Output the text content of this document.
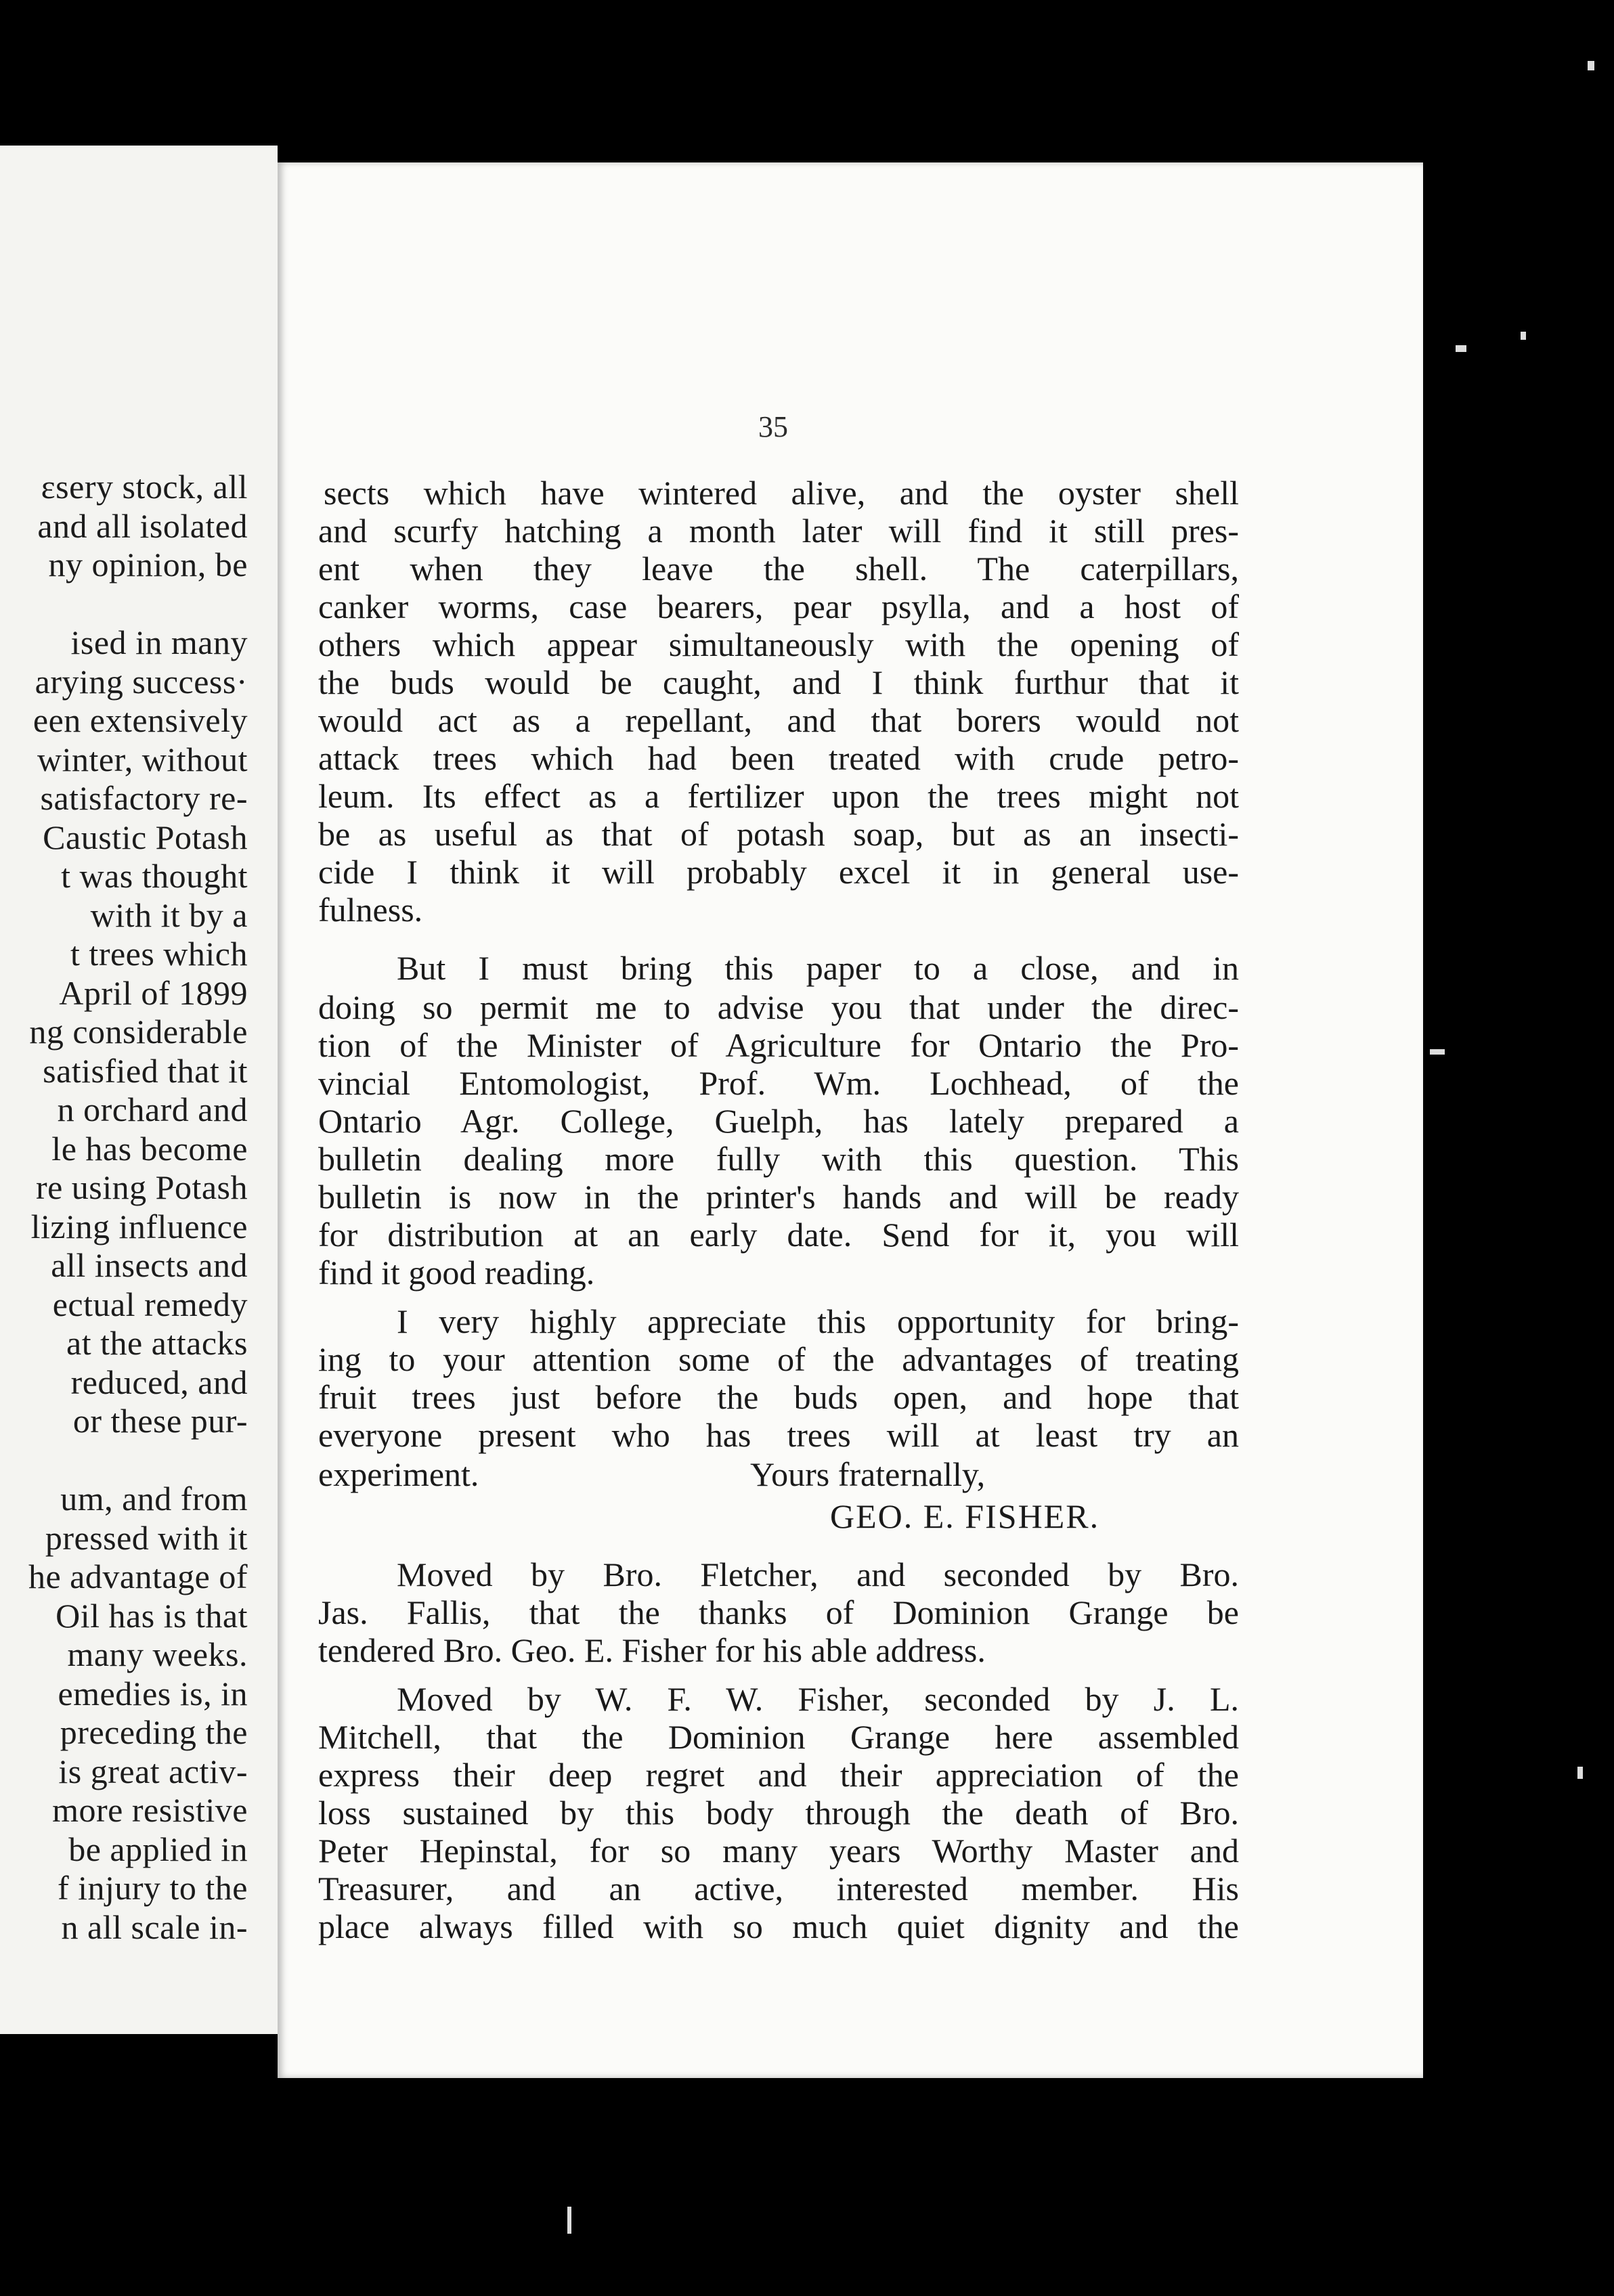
ɛsery stock, all
and all isolated
ny opinion, be
ised in many
arying success·
een extensively
winter, without
satisfactory re-
Caustic Potash
t was thought
with it by a
t trees which
April of 1899
ng considerable
satisfied that it
n orchard and
le has become
re using Potash
lizing influence
all insects and
ectual remedy
at the attacks
reduced, and
or these pur-
um, and from
pressed with it
he advantage of
Oil has is that
many weeks.
emedies is, in
preceding the
is great activ-
more resistive
be applied in
f injury to the
n all scale in-
35
sects which have wintered alive, and the oyster shell
and scurfy hatching a month later will find it still pres-
ent when they leave the shell. The caterpillars,
canker worms, case bearers, pear psylla, and a host of
others which appear simultaneously with the opening of
the buds would be caught, and I think furthur that it
would act as a repellant, and that borers would not
attack trees which had been treated with crude petro-
leum. Its effect as a fertilizer upon the trees might not
be as useful as that of potash soap, but as an insecti-
cide I think it will probably excel it in general use-
fulness.
But I must bring this paper to a close, and in
doing so permit me to advise you that under the direc-
tion of the Minister of Agriculture for Ontario the Pro-
vincial Entomologist, Prof. Wm. Lochhead, of the
Ontario Agr. College, Guelph, has lately prepared a
bulletin dealing more fully with this question. This
bulletin is now in the printer's hands and will be ready
for distribution at an early date. Send for it, you will
find it good reading.
I very highly appreciate this opportunity for bring-
ing to your attention some of the advantages of treating
fruit trees just before the buds open, and hope that
everyone present who has trees will at least try an
experiment.	Yours fraternally,
GEO. E. FISHER.
Moved by Bro. Fletcher, and seconded by Bro.
Jas. Fallis, that the thanks of Dominion Grange be
tendered Bro. Geo. E. Fisher for his able address.
Moved by W. F. W. Fisher, seconded by J. L.
Mitchell, that the Dominion Grange here assembled
express their deep regret and their appreciation of the
loss sustained by this body through the death of Bro.
Peter Hepinstal, for so many years Worthy Master and
Treasurer, and an active, interested member. His
place always filled with so much quiet dignity and the
